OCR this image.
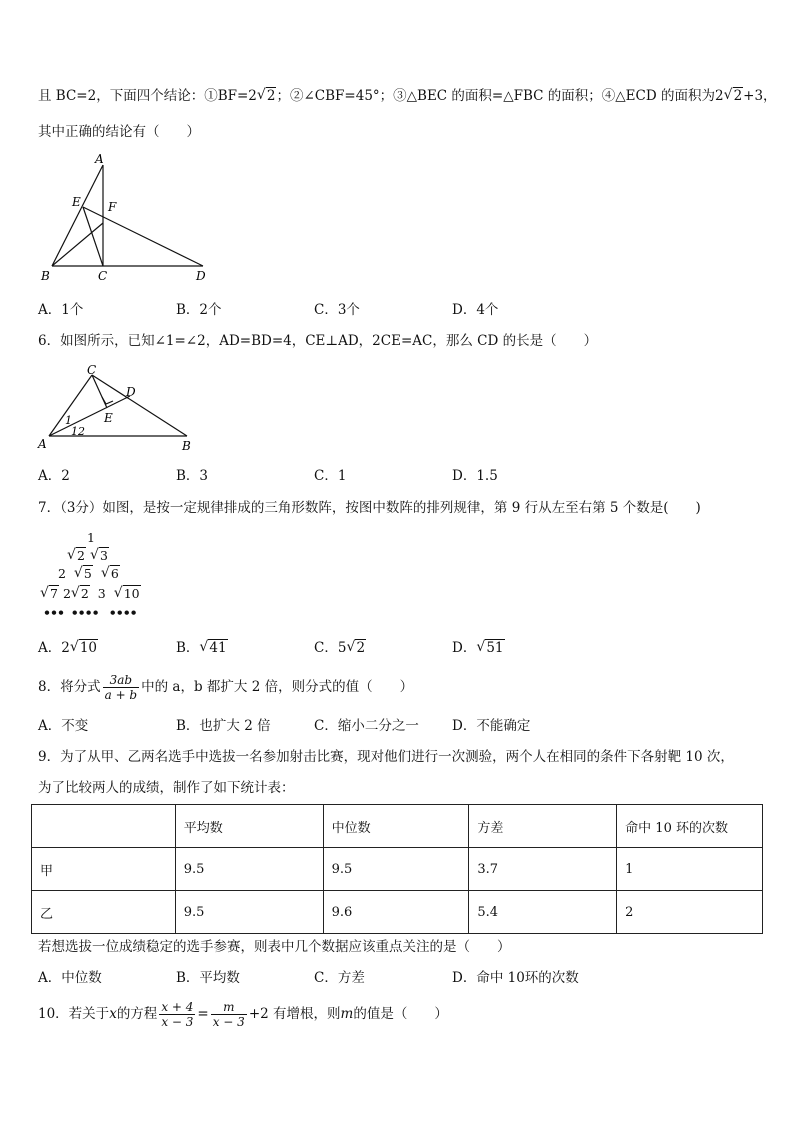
且 BC=2，下面四个结论：①BF=2 √ 2；②∠CBF=45°；③△BEC 的面积=△FBC 的面积；④△ECD 的面积为2 √ 2+3，
其中正确的结论有（　　）
A
E F
B	C	D
A．1个	B．2个	C．3个	D．4个
6．如图所示，已知∠1=∠2，AD=BD=4，CE⊥AD，2CE=AC，那么 CD 的长是（　　）
C
D
E
A	B
1
1 2
A．2	B．3	C．1	D．1.5
7．（3分）如图，是按一定规律排成的三角形数阵，按图中数阵的排列规律，第 9 行从左至右第 5 个数是(　　)
1
√ 2 √ 3
2 √ 5 √ 6
√ 7 2 √ 2 3 √ 10
••• •••• ••••
A．2 √ 10	B． √ 41	C．5 √ 2	D． √ 51
8．将分式 $\frac{3ab}{a + b}$ 中的 a，b 都扩大 2 倍，则分式的值（　　）
A．不变	B．也扩大 2 倍	C．缩小二分之一 D．不能确定
9．为了从甲、乙两名选手中选拔一名参加射击比赛，现对他们进行一次测验，两个人在相同的条件下各射靶 10 次，
为了比较两人的成绩，制作了如下统计表：
	平均数	中位数	方差	命中 10 环的次数
甲	9.5	9.5	3.7	1
乙	9.5	9.6	5.4	2
若想选拔一位成绩稳定的选手参赛，则表中几个数据应该重点关注的是（　　）
A．中位数	B．平均数	C．方差	D．命中 10环的次数
10．若关于x的方程 $\frac{x + 4}{x - 3} = \frac{m}{x - 3} +2$ 有增根，则m的值是（　　）
